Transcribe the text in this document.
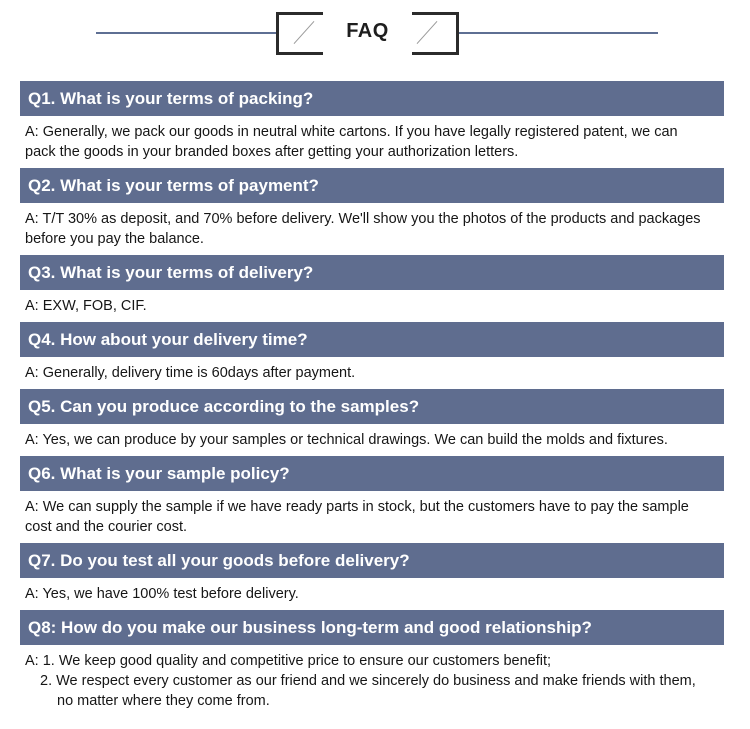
FAQ
Q1. What is your terms of packing?
A: Generally, we pack our goods in neutral white cartons. If you have legally registered patent, we can
pack the goods in your branded boxes after getting your authorization letters.
Q2. What is your terms of payment?
A: T/T 30% as deposit, and 70% before delivery. We'll show you the photos of the products and packages
before you pay the balance.
Q3. What is your terms of delivery?
A: EXW, FOB, CIF.
Q4. How about your delivery time?
A: Generally, delivery time is 60days after payment.
Q5. Can you produce according to the samples?
A: Yes, we can produce by your samples or technical drawings. We can build the molds and fixtures.
Q6. What is your sample policy?
A: We can supply the sample if we have ready parts in stock, but the customers have to pay the sample
cost and the courier cost.
Q7. Do you test all your goods before delivery?
A: Yes, we have 100% test before delivery.
Q8: How do you make our business long-term and good relationship?
A: 1. We keep good quality and competitive price to ensure our customers benefit;
2. We respect every customer as our friend and we sincerely do business and make friends with them,
no matter where they come from.
